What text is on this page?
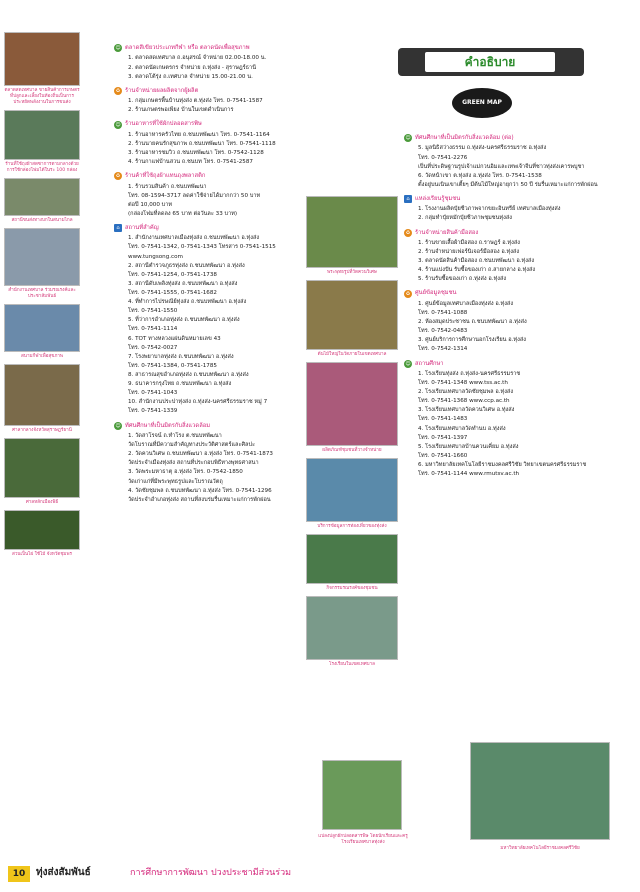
ตลาดสดเทศบาล ขายสินค้าการเกษตรที่ปลูกและเลี้ยงในท้องถิ่นเป็นการประหยัดพลังงานในการขนส่ง
ร้านที่ใช้ถุงผ้าสดซาการตามกลางด้วยการใช้กล่องโฟมได้ในระ 100 กล่อง
สถานีขนส่งทางบกในสนามไกล
สำนักงานเทศบาล ร่วมรณรงค์และประชาสัมพันธ์
สนามกีฬาเพื่อสุขภาพ
ศาลากลางจังหวัดสุราษฎร์ธานี
ศาลหลักเมืองพิธี
สวนเป็นไผ่ ใช้ไม้ จังหวัดชุมพร
☺ ตลาดสีเขียวประเภทกีฬา หรือ ตลาดนัดเพื่อสุขภาพ
1. ตลาดสดเทศบาล ถ.อนุสรณ์ จำหน่าย 02.00-18.00 น.
2. ตลาดนัดเกษตรกร จำหน่าย ถ.ทุ่งส่ง - สุราษฎร์ธานี
3. ตลาดโต้รุ่ง ถ.เทศบาล จำหน่าย 15.00-21.00 น.
♻ ร้านจำหน่ายผลผลิตจากผู้ผลิต
1. กลุ่มเกษตรพื้นบ้านทุ่งส่ง ต.ทุ่งส่ง โทร. 0-7541-1587
2. ร้านเกษตรพอเพียง บ้านในเขตดำเนินการ
☺ ร้านอาหารที่ใช้ผักปลอดสารพิษ
1. ร้านอาหารครัวไทย ถ.ชนบทพัฒนา โทร. 0-7541-1164
2. ร้านนายคนรักสุขภาพ ถ.ชนบทพัฒนา โทร. 0-7541-1118
3. ร้านอาหารชมวิว ถ.ชนบทพัฒนา โทร. 0-7542-1128
4. ร้านกาแฟบ้านสวน ถ.ชนบท โทร. 0-7541-2587
♻ ร้านค้าที่ใช้ถุงผ้าแทนถุงพลาสติก
1. ร้านรวมสินค้า ถ.ชนบทพัฒนา
โทร. 08-1594-3717 ลดค่าใช้จ่ายได้มากกว่า 50 บาท
ต่อปี 10,000 บาท
(กล่องโฟมที่ลดลง 65 บาท ต่อวันละ 33 บาท)
⌂ สถานที่สำคัญ
1. สำนักงานเทศบาลเมืองทุ่งส่ง ถ.ชนบทพัฒนา อ.ทุ่งส่ง
โทร. 0-7541-1342, 0-7541-1343 โทรสาร 0-7541-1515
www.tungsong.com
2. สถานีตำรวจภูธรทุ่งส่ง ถ.ชนบทพัฒนา อ.ทุ่งส่ง
โทร. 0-7541-1254, 0-7541-1738
3. สถานีดับเพลิงทุ่งส่ง ถ.ชนบทพัฒนา อ.ทุ่งส่ง
โทร. 0-7541-1555, 0-7541-1682
4. ที่ทำการไปรษณีย์ทุ่งส่ง ถ.ชนบทพัฒนา อ.ทุ่งส่ง
โทร. 0-7541-1550
5. ที่ว่าการอำเภอทุ่งส่ง ถ.ชนบทพัฒนา อ.ทุ่งส่ง
โทร. 0-7541-1114
6. TOT ทางหลวงแผ่นดินหมายเลข 43
โทร. 0-7542-0027
7. โรงพยาบาลทุ่งส่ง ถ.ชนบทพัฒนา อ.ทุ่งส่ง
โทร. 0-7541-1384, 0-7541-1785
8. สาธารณสุขอำเภอทุ่งส่ง ถ.ชนบทพัฒนา อ.ทุ่งส่ง
9. ธนาคารกรุงไทย ถ.ชนบทพัฒนา อ.ทุ่งส่ง
โทร. 0-7541-1043
10. สำนักงานประปาทุ่งส่ง ถ.ทุ่งส่ง-นครศรีธรรมราช หมู่ 7
โทร. 0-7541-1339
☺ ทัศนศึกษาที่เป็นมิตรกับสิ่งแวดล้อม
1. วัดสาโรจน์ ถ.ทำโรง ต.ชนบทพัฒนา
วัดโบราณที่มีความสำคัญทางประวัติศาสตร์และศิลปะ
2. วัดควนวิเศษ ถ.ชนบทพัฒนา อ.ทุ่งส่ง โทร. 0-7541-1873
วัดประจำเมืองทุ่งส่ง สถานที่ประกอบพิธีทางพุทธศาสนา
3. วัดพระมหาธาตุ อ.ทุ่งส่ง โทร. 0-7542-1850
วัดเก่าแก่ที่มีพระพุทธรูปและโบราณวัตถุ
4. วัดชัยชุมพล ถ.ชนบทพัฒนา อ.ทุ่งส่ง โทร. 0-7541-1296
วัดประจำอำเภอทุ่งส่ง สถานที่สงบร่มรื่นเหมาะแก่การพักผ่อน
พระพุทธรูปที่วัดควนวิเศษ
ต้นไม้ใหญ่ในวัดภายในเขตเทศบาล
ผลิตภัณฑ์ชุมชนที่วางจำหน่าย
บริการข้อมูลการท่องเที่ยวของทุ่งส่ง
กิจกรรมรณรงค์ของชุมชน
โรงเรียนในเขตเทศบาล
คำอธิบาย
GREEN MAP
☺ ทัศนศึกษาที่เป็นมิตรกับสิ่งแวดล้อม (ต่อ)
5. มูลนิธิสว่างธรรม ถ.ทุ่งส่ง-นครศรีธรรมราช อ.ทุ่งส่ง
โทร. 0-7541-2276
เป็นที่ประดิษฐานรูปเจ้าแม่กวนอิมและเทพเจ้าจีนที่ชาวทุ่งส่งเคารพบูชา
6. วัดหน้าเขา ต.ทุ่งส่ง อ.ทุ่งส่ง โทร. 0-7541-1538
ตั้งอยู่บนเนินเขาเตี้ยๆ มีต้นไม้ใหญ่อายุกว่า 50 ปี ร่มรื่นเหมาะแก่การพักผ่อน
⌂ แหล่งเรียนรู้ชุมชน
1. โรงงานผลิตปุ๋ยชีวภาพจากขยะอินทรีย์ เทศบาลเมืองทุ่งส่ง
2. กลุ่มทำปุ๋ยหมักปุ๋ยชีวภาพชุมชนทุ่งส่ง
♻ ร้านจำหน่ายสินค้ามือสอง
1. ร้านขายเสื้อผ้ามือสอง ถ.ราษฎร์ อ.ทุ่งส่ง
2. ร้านจำหน่ายเฟอร์นิเจอร์มือสอง อ.ทุ่งส่ง
3. ตลาดนัดสินค้ามือสอง ถ.ชนบทพัฒนา อ.ทุ่งส่ง
4. ร้านแบ่งปัน รับซื้อของเก่า ถ.สายกลาง อ.ทุ่งส่ง
5. ร้านรับซื้อของเก่า ถ.ทุ่งส่ง อ.ทุ่งส่ง
♻ ศูนย์ข้อมูลชุมชน
1. ศูนย์ข้อมูลเทศบาลเมืองทุ่งส่ง อ.ทุ่งส่ง
โทร. 0-7541-1088
2. ห้องสมุดประชาชน ถ.ชนบทพัฒนา อ.ทุ่งส่ง
โทร. 0-7542-0483
3. ศูนย์บริการการศึกษานอกโรงเรียน อ.ทุ่งส่ง
โทร. 0-7542-1314
☺ สถานศึกษา
1. โรงเรียนทุ่งส่ง ถ.ทุ่งส่ง-นครศรีธรรมราช
โทร. 0-7541-1348 www.tss.ac.th
2. โรงเรียนเทศบาลวัดชัยชุมพล อ.ทุ่งส่ง
โทร. 0-7541-1368 www.ccp.ac.th
3. โรงเรียนเทศบาลวัดควนวิเศษ อ.ทุ่งส่ง
โทร. 0-7541-1483
4. โรงเรียนเทศบาลวัดทำนบ อ.ทุ่งส่ง
โทร. 0-7541-1397
5. โรงเรียนเทศบาลบ้านควนเคี่ยม อ.ทุ่งส่ง
โทร. 0-7541-1660
6. มหาวิทยาลัยเทคโนโลยีราชมงคลศรีวิชัย วิทยาเขตนครศรีธรรมราช
โทร. 0-7541-1144 www.rmutsv.ac.th
แปลงปลูกผักปลอดสารพิษ โดยนักเรียนและครูโรงเรียนเทศบาลทุ่งส่ง
มหาวิทยาลัยเทคโนโลยีราชมงคลศรีวิชัย
10	ทุ่งส่งสัมพันธ์	การศึกษาการพัฒนา ปวงประชามีส่วนร่วม
